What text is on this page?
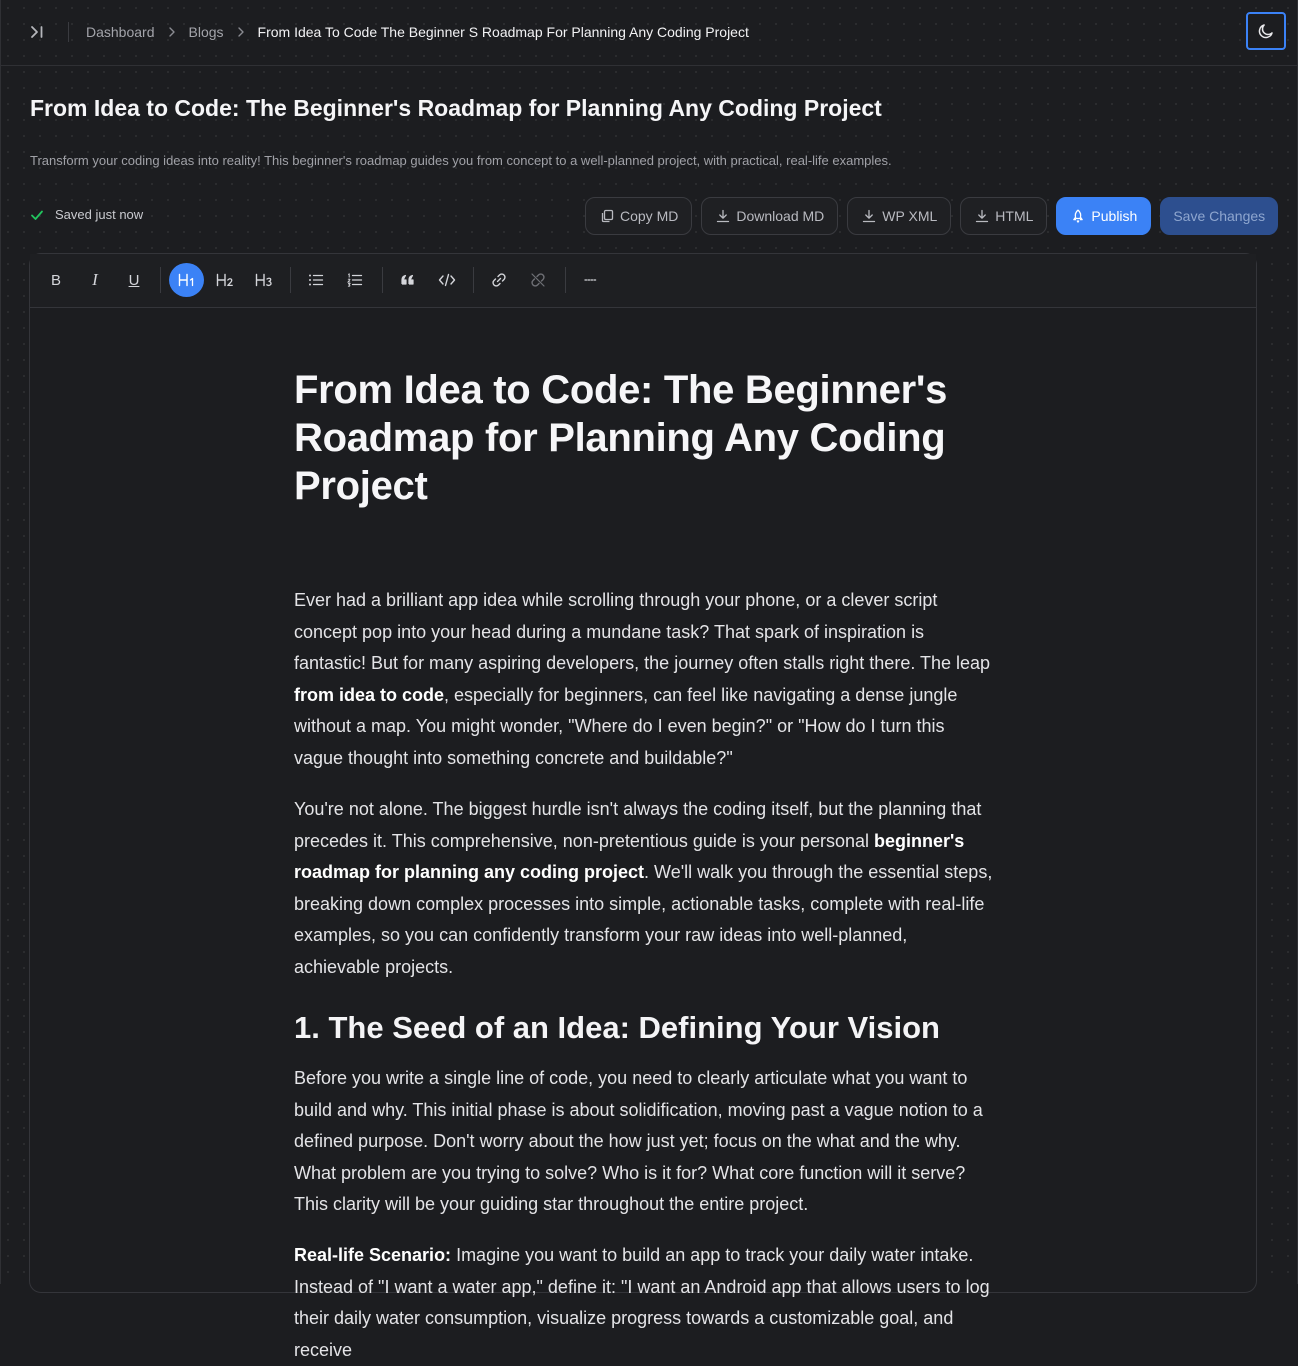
Dashboard Blogs From Idea To Code The Beginner S Roadmap For Planning Any Coding Project
From Idea to Code: The Beginner's Roadmap for Planning Any Coding Project

Transform your coding ideas into reality! This beginner's roadmap guides you from concept to a well-planned project, with practical, real-life examples.

Saved just now	Copy MD	Download MD	WP XML	HTML	Publish	Save Changes
B I U
From Idea to Code: The Beginner's Roadmap for Planning Any Coding Project

Ever had a brilliant app idea while scrolling through your phone, or a clever script concept pop into your head during a mundane task? That spark of inspiration is fantastic! But for many aspiring developers, the journey often stalls right there. The leap from idea to code, especially for beginners, can feel like navigating a dense jungle without a map. You might wonder, "Where do I even begin?" or "How do I turn this vague thought into something concrete and buildable?"

You're not alone. The biggest hurdle isn't always the coding itself, but the planning that precedes it. This comprehensive, non-pretentious guide is your personal beginner's roadmap for planning any coding project. We'll walk you through the essential steps, breaking down complex processes into simple, actionable tasks, complete with real-life examples, so you can confidently transform your raw ideas into well-planned, achievable projects.

1. The Seed of an Idea: Defining Your Vision

Before you write a single line of code, you need to clearly articulate what you want to build and why. This initial phase is about solidification, moving past a vague notion to a defined purpose. Don't worry about the how just yet; focus on the what and the why. What problem are you trying to solve? Who is it for? What core function will it serve? This clarity will be your guiding star throughout the entire project.

Real-life Scenario: Imagine you want to build an app to track your daily water intake. Instead of "I want a water app," define it: "I want an Android app that allows users to log their daily water consumption, visualize progress towards a customizable goal, and receive
